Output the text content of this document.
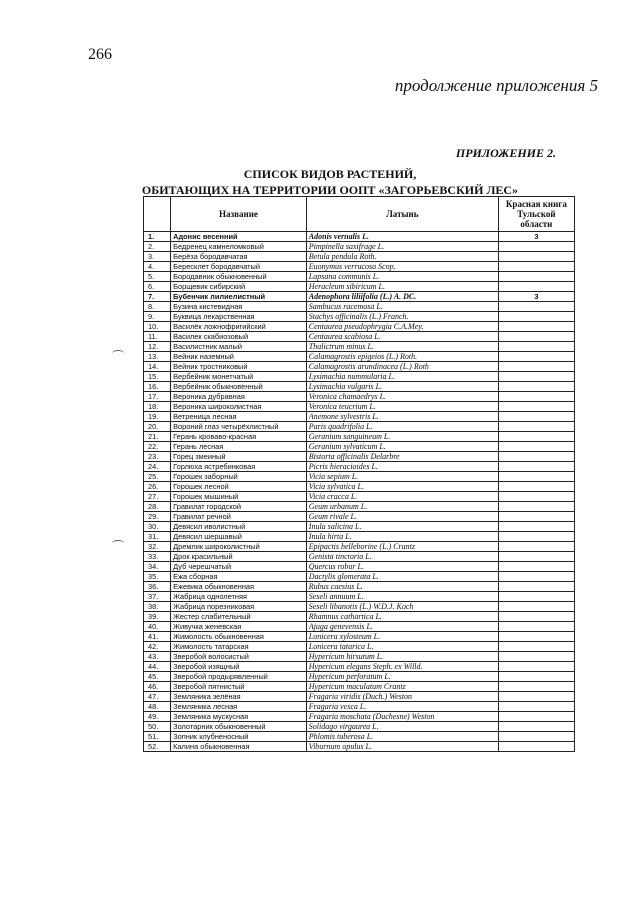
266
продолжение приложения 5
ПРИЛОЖЕНИЕ 2.
СПИСОК ВИДОВ РАСТЕНИЙ,
ОБИТАЮЩИХ НА ТЕРРИТОРИИ ООПТ «ЗАГОРЬЕВСКИЙ ЛЕС»
	Название	Латынь	Красная книга Тульской области
1.	Адонис весенний	Adonis vernalis L.	3
2.	Бедренец камнеломковый	Pimpinella saxifrage L.	
3.	Берёза бородавчатая	Betula pendula Roth.	
4.	Бересклет бородавчатый	Euonymus verrucosa Scop.	
5.	Бородавник обыкновенный	Lapsana communis L.	
6.	Борщевик сибирский	Heracleum sibiricum L.	
7.	Бубенчик лилиелистный	Adenophora liliifolia (L.) A. DC.	3
8.	Бузина кистевидная	Sambucus racemosa L.	
9.	Буквица лекарственная	Stachys officinalis (L.) Franch.	
10.	Василёк ложнофригийский	Centaurea pseudophrygia C.A.Mey.	
11.	Василек скабиозовый	Centaurea scabiosa L.	
12.	Василистник малый	Thalictrum minus L.	
13.	Вейник наземный	Calamagrostis epigeios (L.) Roth.	
14.	Вейник тростниковый	Calamagrostis arundinacea (L.) Roth	
15.	Вербейник монетчатый	Lysimachia nummularia L.	
16.	Вербейник обыкновенный	Lysimachia vulgaris L.	
17.	Вероника дубравная	Veronica chamaedrys L.	
18.	Вероника широколистная	Veronica teucrium L.	
19.	Ветреница лесная	Anemone sylvestris L.	
20.	Вороний глаз четырёхлистный	Paris quadrifolia L.	
21.	Герань кроваво-красная	Geranium sanguineum L.	
22.	Герань лесная	Geranium sylvaticum L.	
23.	Горец змеиный	Bistorta officinalis Delarbre	
24.	Горлюха ястребинковая	Picris hieracioides L.	
25.	Горошек заборный	Vicia sepium L.	
26.	Горошек лесной	Vicia sylvatica L.	
27.	Горошек мышиный	Vicia cracca L.	
28.	Гравилат городской	Geum urbanum L.	
29.	Гравилат речной	Geum rivale L.	
30.	Девясил иволистный	Inula salicina L.	
31.	Девясил шершавый	Inula hirta L.	
32.	Дремлик широколистный	Epipactis helleborine (L.) Crantz	
33.	Дрок красильный	Genista tinctoria L.	
34.	Дуб черешчатый	Quercus robur L.	
35.	Ежа сборная	Dactylis glomerata L.	
36.	Ежевика обыкновенная	Rubus caesius L.	
37.	Жабрица однолетняя	Seseli annuum L.	
38.	Жабрица порезниковая	Seseli libanotis (L.) W.D.J. Koch	
39.	Жестер слабительный	Rhamnus cathartica L.	
40.	Живучка женевская	Ajuga genevensis L.	
41.	Жимолость обыкновенная	Lonicera xylosteum L.	
42.	Жимолость татарская	Lonicera tatarica L.	
43.	Зверобой волосистый	Hypericum hirsutum L.	
44.	Зверобой изящный	Hypericum elegans Steph. ex Willd.	
45.	Зверобой продырявленный	Hypericum perforatum L.	
46.	Зверобой пятнистый	Hypericum maculatum Crantz	
47.	Земляника зелёная	Fragaria viridis (Duch.) Weston	
48.	Земляника лесная	Fragaria vesca L.	
49.	Земляника мускусная	Fragaria moschata (Duchesne) Weston	
50.	Золотарник обыкновенный	Solidago virgaurea L.	
51.	Зопник клубненосный	Phlomis tuberosa L.	
52.	Калина обыкновенная	Viburnum opulus L.	
